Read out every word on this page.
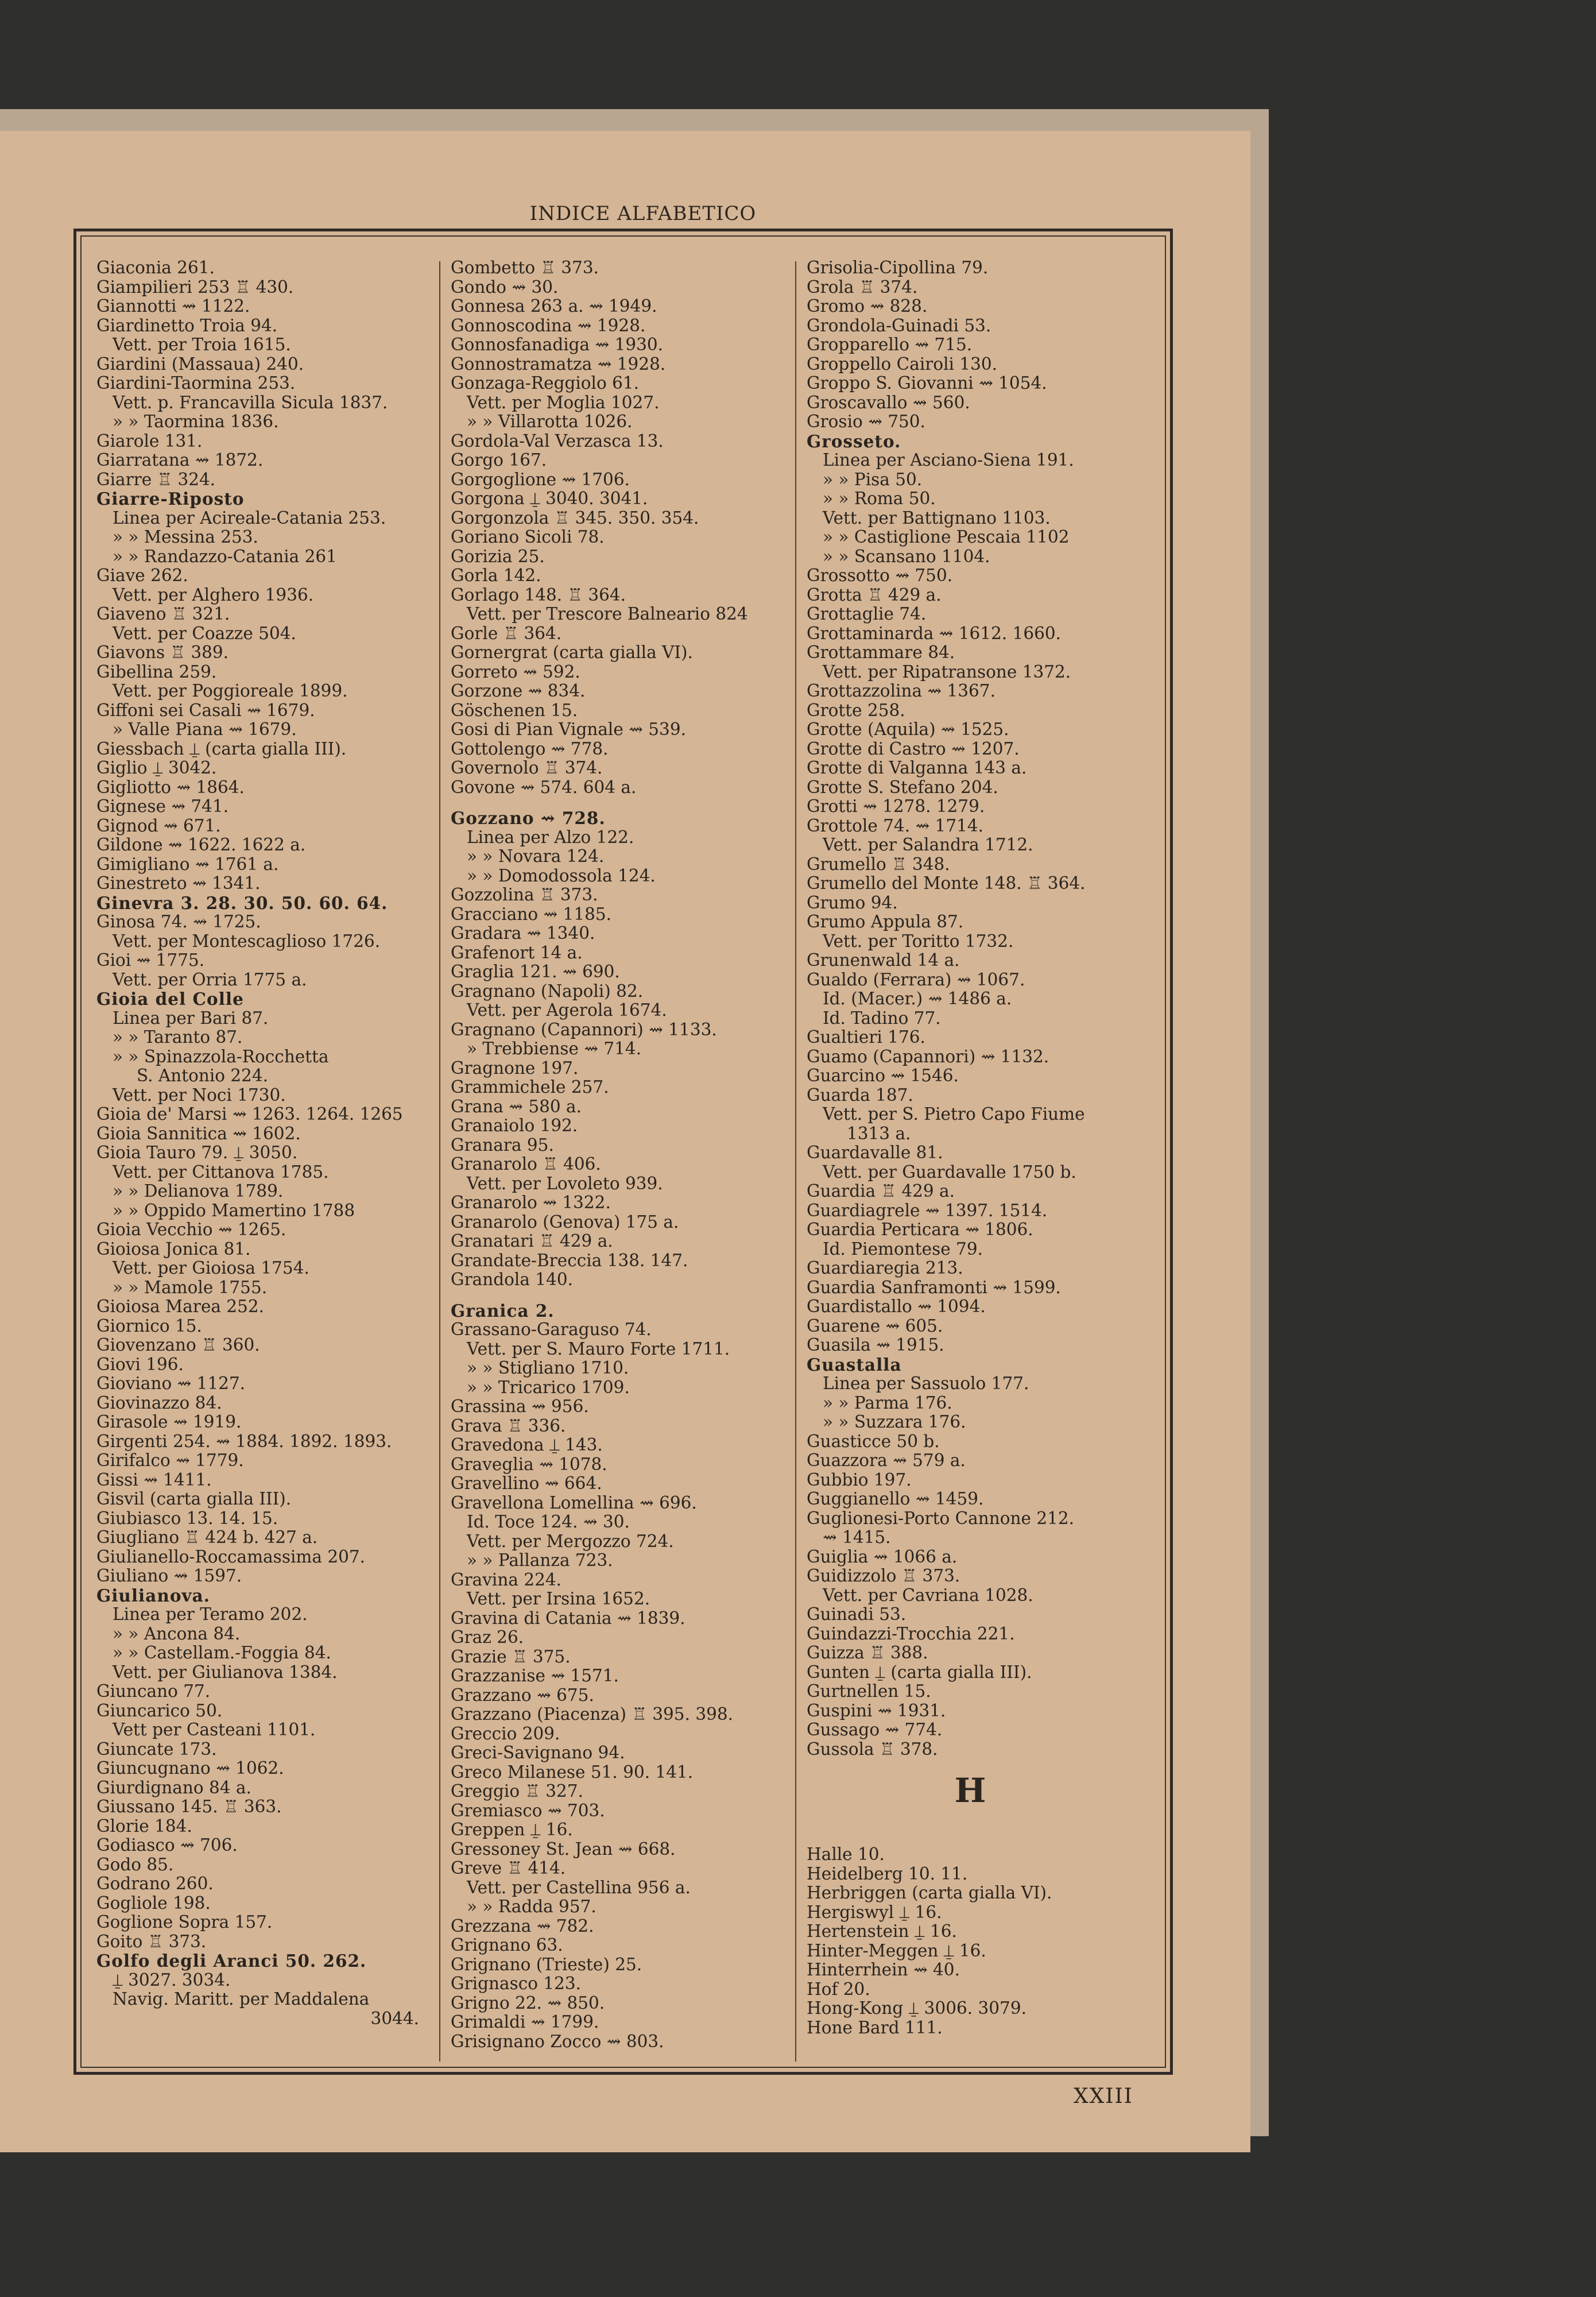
INDICE ALFABETICO
Giaconia 261.
Giampilieri 253 ♖ 430.
Giannotti ⇝ 1122.
Giardinetto Troia 94.
Vett. per Troia 1615.
Giardini (Massaua) 240.
Giardini-Taormina 253.
Vett. p. Francavilla Sicula 1837.
» » Taormina 1836.
Giarole 131.
Giarratana ⇝ 1872.
Giarre ♖ 324.
Giarre-Riposto
Linea per Acireale-Catania 253.
» » Messina 253.
» » Randazzo-Catania 261
Giave 262.
Vett. per Alghero 1936.
Giaveno ♖ 321.
Vett. per Coazze 504.
Giavons ♖ 389.
Gibellina 259.
Vett. per Poggioreale 1899.
Giffoni sei Casali ⇝ 1679.
» Valle Piana ⇝ 1679.
Giessbach ⍊ (carta gialla III).
Giglio ⍊ 3042.
Gigliotto ⇝ 1864.
Gignese ⇝ 741.
Gignod ⇝ 671.
Gildone ⇝ 1622. 1622 a.
Gimigliano ⇝ 1761 a.
Ginestreto ⇝ 1341.
Ginevra 3. 28. 30. 50. 60. 64.
Ginosa 74. ⇝ 1725.
Vett. per Montescaglioso 1726.
Gioi ⇝ 1775.
Vett. per Orria 1775 a.
Gioia del Colle
Linea per Bari 87.
» » Taranto 87.
» » Spinazzola-Rocchetta
S. Antonio 224.
Vett. per Noci 1730.
Gioia de' Marsi ⇝ 1263. 1264. 1265
Gioia Sannitica ⇝ 1602.
Gioia Tauro 79. ⍊ 3050.
Vett. per Cittanova 1785.
» » Delianova 1789.
» » Oppido Mamertino 1788
Gioia Vecchio ⇝ 1265.
Gioiosa Jonica 81.
Vett. per Gioiosa 1754.
» » Mamole 1755.
Gioiosa Marea 252.
Giornico 15.
Giovenzano ♖ 360.
Giovi 196.
Gioviano ⇝ 1127.
Giovinazzo 84.
Girasole ⇝ 1919.
Girgenti 254. ⇝ 1884. 1892. 1893.
Girifalco ⇝ 1779.
Gissi ⇝ 1411.
Gisvil (carta gialla III).
Giubiasco 13. 14. 15.
Giugliano ♖ 424 b. 427 a.
Giulianello-Roccamassima 207.
Giuliano ⇝ 1597.
Giulianova.
Linea per Teramo 202.
» » Ancona 84.
» » Castellam.-Foggia 84.
Vett. per Giulianova 1384.
Giuncano 77.
Giuncarico 50.
Vett per Casteani 1101.
Giuncate 173.
Giuncugnano ⇝ 1062.
Giurdignano 84 a.
Giussano 145. ♖ 363.
Glorie 184.
Godiasco ⇝ 706.
Godo 85.
Godrano 260.
Gogliole 198.
Goglione Sopra 157.
Goito ♖ 373.
Golfo degli Aranci 50. 262.
⍊ 3027. 3034.
Navig. Maritt. per Maddalena
3044.
Gombetto ♖ 373.
Gondo ⇝ 30.
Gonnesa 263 a. ⇝ 1949.
Gonnoscodina ⇝ 1928.
Gonnosfanadiga ⇝ 1930.
Gonnostramatza ⇝ 1928.
Gonzaga-Reggiolo 61.
Vett. per Moglia 1027.
» » Villarotta 1026.
Gordola-Val Verzasca 13.
Gorgo 167.
Gorgoglione ⇝ 1706.
Gorgona ⍊ 3040. 3041.
Gorgonzola ♖ 345. 350. 354.
Goriano Sicoli 78.
Gorizia 25.
Gorla 142.
Gorlago 148. ♖ 364.
Vett. per Trescore Balneario 824
Gorle ♖ 364.
Gornergrat (carta gialla VI).
Gorreto ⇝ 592.
Gorzone ⇝ 834.
Göschenen 15.
Gosi di Pian Vignale ⇝ 539.
Gottolengo ⇝ 778.
Governolo ♖ 374.
Govone ⇝ 574. 604 a.
Gozzano ⇝ 728.
Linea per Alzo 122.
» » Novara 124.
» » Domodossola 124.
Gozzolina ♖ 373.
Gracciano ⇝ 1185.
Gradara ⇝ 1340.
Grafenort 14 a.
Graglia 121. ⇝ 690.
Gragnano (Napoli) 82.
Vett. per Agerola 1674.
Gragnano (Capannori) ⇝ 1133.
» Trebbiense ⇝ 714.
Gragnone 197.
Grammichele 257.
Grana ⇝ 580 a.
Granaiolo 192.
Granara 95.
Granarolo ♖ 406.
Vett. per Lovoleto 939.
Granarolo ⇝ 1322.
Granarolo (Genova) 175 a.
Granatari ♖ 429 a.
Grandate-Breccia 138. 147.
Grandola 140.
Granica 2.
Grassano-Garaguso 74.
Vett. per S. Mauro Forte 1711.
» » Stigliano 1710.
» » Tricarico 1709.
Grassina ⇝ 956.
Grava ♖ 336.
Gravedona ⍊ 143.
Graveglia ⇝ 1078.
Gravellino ⇝ 664.
Gravellona Lomellina ⇝ 696.
Id. Toce 124. ⇝ 30.
Vett. per Mergozzo 724.
» » Pallanza 723.
Gravina 224.
Vett. per Irsina 1652.
Gravina di Catania ⇝ 1839.
Graz 26.
Grazie ♖ 375.
Grazzanise ⇝ 1571.
Grazzano ⇝ 675.
Grazzano (Piacenza) ♖ 395. 398.
Greccio 209.
Greci-Savignano 94.
Greco Milanese 51. 90. 141.
Greggio ♖ 327.
Gremiasco ⇝ 703.
Greppen ⍊ 16.
Gressoney St. Jean ⇝ 668.
Greve ♖ 414.
Vett. per Castellina 956 a.
» » Radda 957.
Grezzana ⇝ 782.
Grignano 63.
Grignano (Trieste) 25.
Grignasco 123.
Grigno 22. ⇝ 850.
Grimaldi ⇝ 1799.
Grisignano Zocco ⇝ 803.
Grisolia-Cipollina 79.
Grola ♖ 374.
Gromo ⇝ 828.
Grondola-Guinadi 53.
Gropparello ⇝ 715.
Groppello Cairoli 130.
Groppo S. Giovanni ⇝ 1054.
Groscavallo ⇝ 560.
Grosio ⇝ 750.
Grosseto.
Linea per Asciano-Siena 191.
» » Pisa 50.
» » Roma 50.
Vett. per Battignano 1103.
» » Castiglione Pescaia 1102
» » Scansano 1104.
Grossotto ⇝ 750.
Grotta ♖ 429 a.
Grottaglie 74.
Grottaminarda ⇝ 1612. 1660.
Grottammare 84.
Vett. per Ripatransone 1372.
Grottazzolina ⇝ 1367.
Grotte 258.
Grotte (Aquila) ⇝ 1525.
Grotte di Castro ⇝ 1207.
Grotte di Valganna 143 a.
Grotte S. Stefano 204.
Grotti ⇝ 1278. 1279.
Grottole 74. ⇝ 1714.
Vett. per Salandra 1712.
Grumello ♖ 348.
Grumello del Monte 148. ♖ 364.
Grumo 94.
Grumo Appula 87.
Vett. per Toritto 1732.
Grunenwald 14 a.
Gualdo (Ferrara) ⇝ 1067.
Id. (Macer.) ⇝ 1486 a.
Id. Tadino 77.
Gualtieri 176.
Guamo (Capannori) ⇝ 1132.
Guarcino ⇝ 1546.
Guarda 187.
Vett. per S. Pietro Capo Fiume
1313 a.
Guardavalle 81.
Vett. per Guardavalle 1750 b.
Guardia ♖ 429 a.
Guardiagrele ⇝ 1397. 1514.
Guardia Perticara ⇝ 1806.
Id. Piemontese 79.
Guardiaregia 213.
Guardia Sanframonti ⇝ 1599.
Guardistallo ⇝ 1094.
Guarene ⇝ 605.
Guasila ⇝ 1915.
Guastalla
Linea per Sassuolo 177.
» » Parma 176.
» » Suzzara 176.
Guasticce 50 b.
Guazzora ⇝ 579 a.
Gubbio 197.
Guggianello ⇝ 1459.
Guglionesi-Porto Cannone 212.
⇝ 1415.
Guiglia ⇝ 1066 a.
Guidizzolo ♖ 373.
Vett. per Cavriana 1028.
Guinadi 53.
Guindazzi-Trocchia 221.
Guizza ♖ 388.
Gunten ⍊ (carta gialla III).
Gurtnellen 15.
Guspini ⇝ 1931.
Gussago ⇝ 774.
Gussola ♖ 378.
H
Halle 10.
Heidelberg 10. 11.
Herbriggen (carta gialla VI).
Hergiswyl ⍊ 16.
Hertenstein ⍊ 16.
Hinter-Meggen ⍊ 16.
Hinterrhein ⇝ 40.
Hof 20.
Hong-Kong ⍊ 3006. 3079.
Hone Bard 111.
XXIII
